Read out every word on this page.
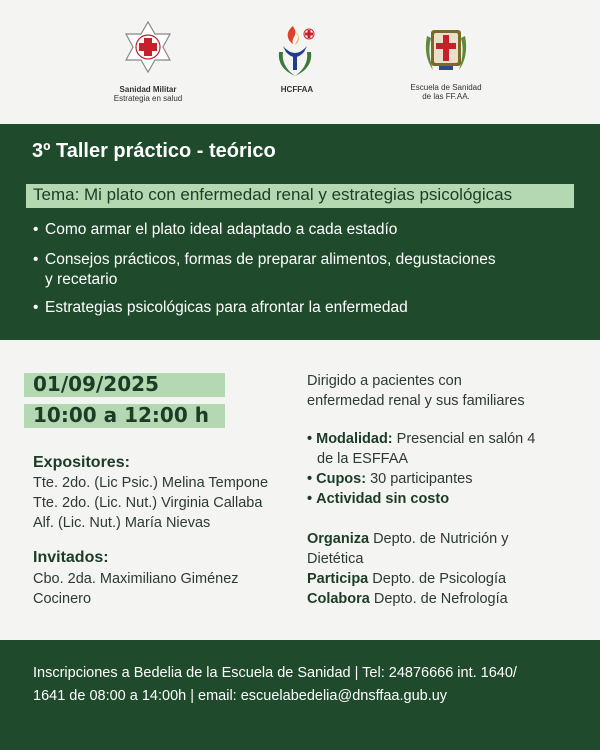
Sanidad Militar
Estrategia en salud
HCFFAA	Escuela de Sanidad
de las FF.AA.
3º Taller práctico - teórico
Tema: Mi plato con enfermedad renal y estrategias psicológicas
• Como armar el plato ideal adaptado a cada estadío
• Consejos prácticos, formas de preparar alimentos, degustaciones
y recetario
• Estrategias psicológicas para afrontar la enfermedad
01/09/2025
10:00 a 12:00 h
Expositores:
Tte. 2do. (Lic Psic.) Melina Tempone
Tte. 2do. (Lic. Nut.) Virginia Callaba
Alf. (Lic. Nut.) María Nievas
Invitados:
Cbo. 2da. Maximiliano Giménez
Cocinero
Dirigido a pacientes con
enfermedad renal y sus familiares
• Modalidad: Presencial en salón 4
de la ESFFAA
• Cupos: 30 participantes
• Actividad sin costo
Organiza Depto. de Nutrición y
Dietética
Participa Depto. de Psicología
Colabora Depto. de Nefrología
Inscripciones a Bedelia de la Escuela de Sanidad | Tel: 24876666 int. 1640/
1641 de 08:00 a 14:00h | email: escuelabedelia@dnsffaa.gub.uy
